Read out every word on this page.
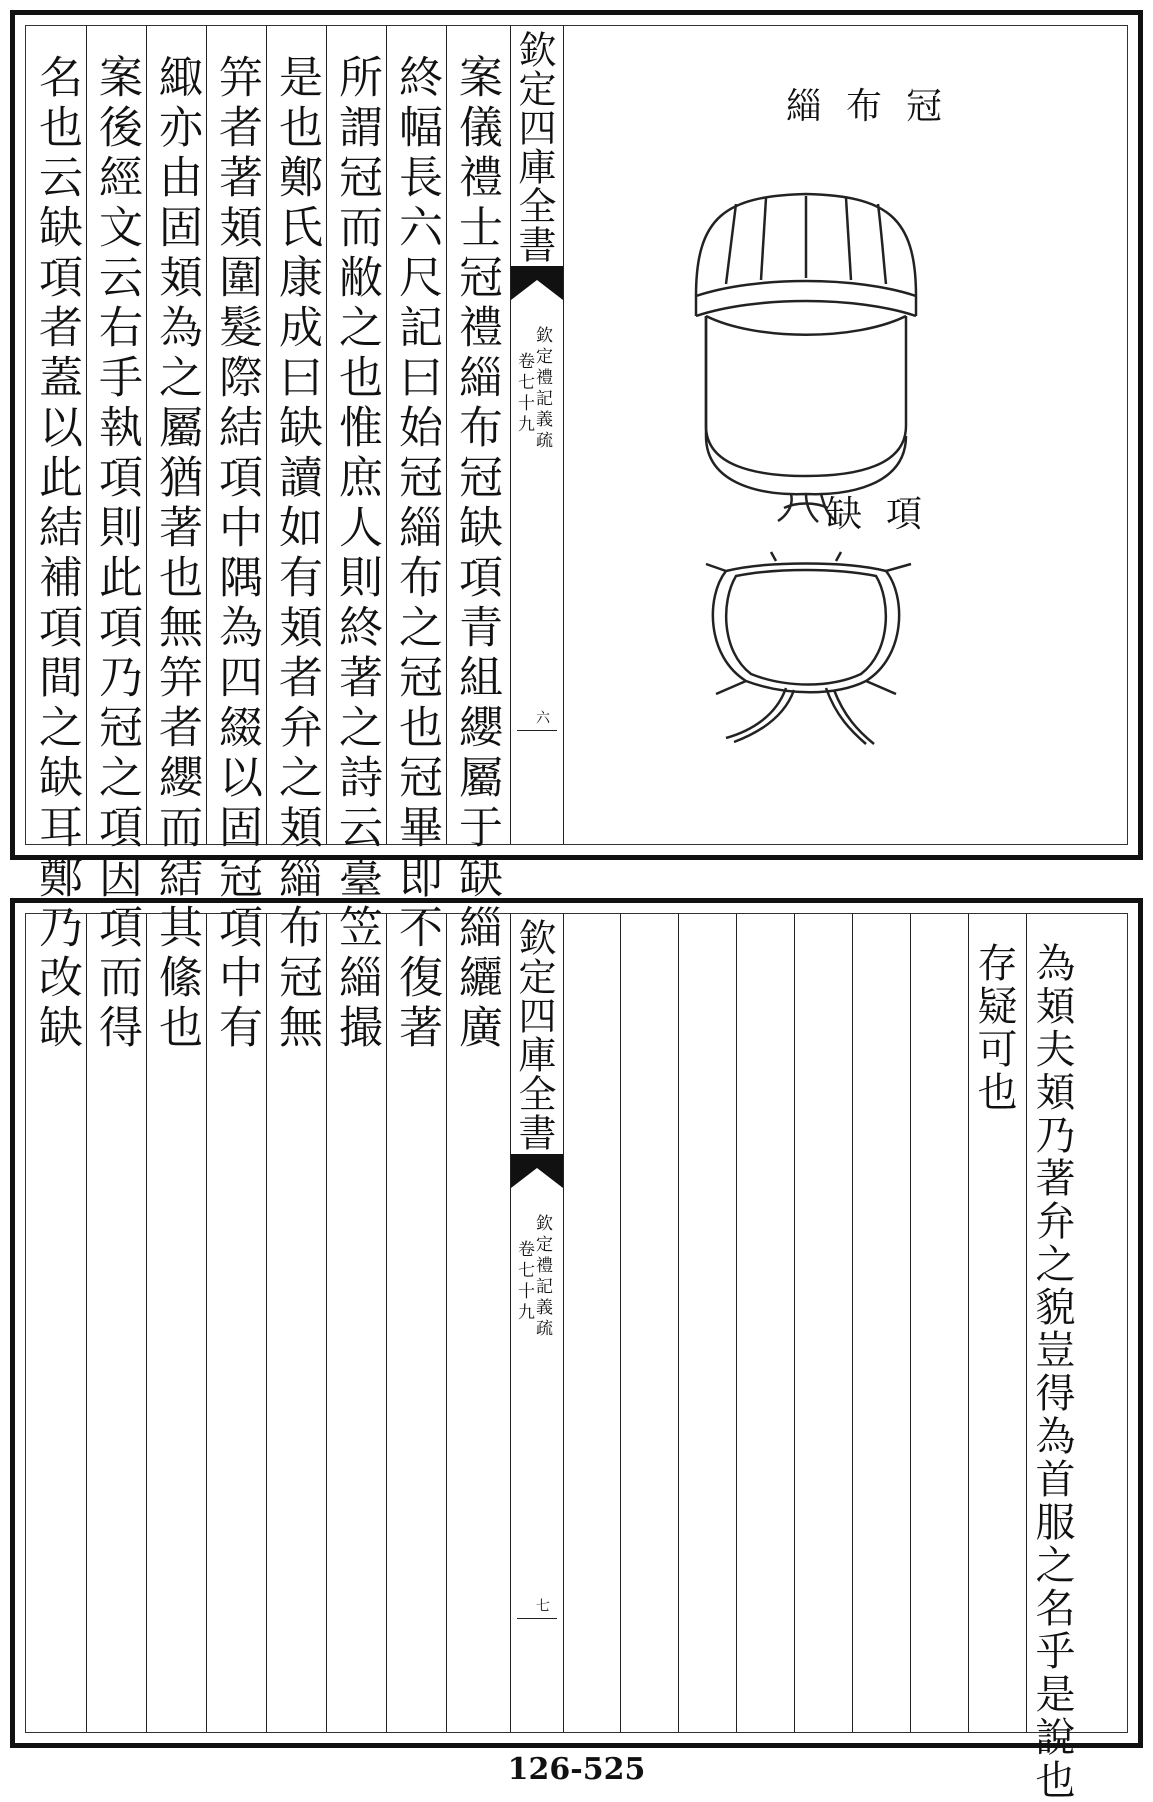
名也云缺項者蓋以此結補項間之缺耳鄭乃改缺 案後經文云右手執項則此項乃冠之項因項而得 緅亦由固頍為之屬猶著也無笄者纓而結其絛也 笄者著頍圍髮際結項中隅為四綴以固冠項中有 是也鄭氏康成曰缺讀如有頍者弁之頍緇布冠無 所謂冠而敝之也惟庶人則終著之詩云臺笠緇撮 終幅長六尺記曰始冠緇布之冠也冠畢即不復著 案儀禮士冠禮緇布冠缺項青組纓屬于缺緇纚廣 欽定四庫全書
欽定禮記義疏
卷七十九
六
緇布冠
缺項
欽定四庫全書
欽定禮記義疏
卷七十九
七	為頍夫頍乃著弁之貌豈得為首服之名乎是說也
存疑可也
126-525
